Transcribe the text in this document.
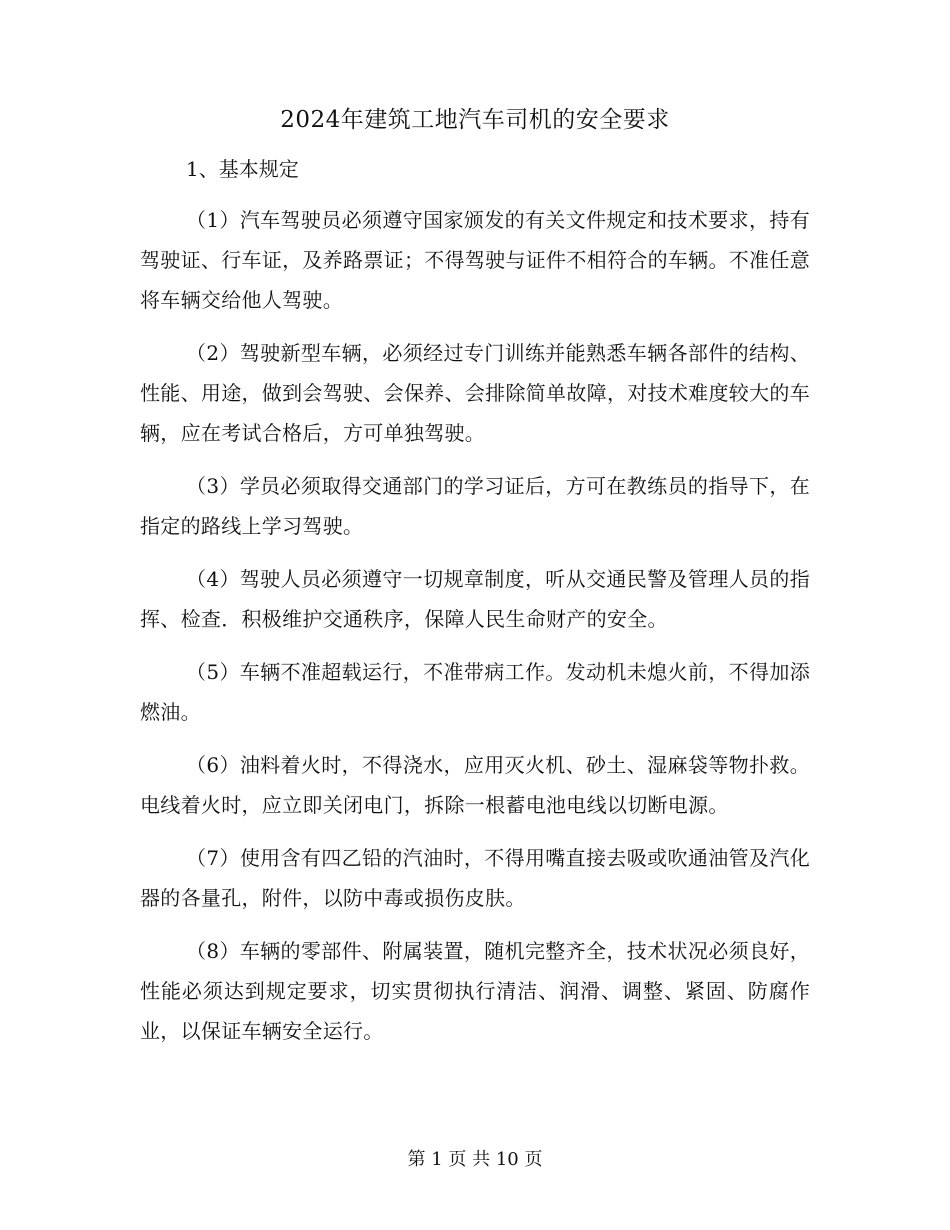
2024年建筑工地汽车司机的安全要求

1、基本规定

（1）汽车驾驶员必须遵守国家颁发的有关文件规定和技术要求，持有驾驶证、行车证，及养路票证；不得驾驶与证件不相符合的车辆。不准任意将车辆交给他人驾驶。

（2）驾驶新型车辆，必须经过专门训练并能熟悉车辆各部件的结构、性能、用途，做到会驾驶、会保养、会排除简单故障，对技术难度较大的车辆，应在考试合格后，方可单独驾驶。

（3）学员必须取得交通部门的学习证后，方可在教练员的指导下，在指定的路线上学习驾驶。

（4）驾驶人员必须遵守一切规章制度，听从交通民警及管理人员的指挥、检查．积极维护交通秩序，保障人民生命财产的安全。

（5）车辆不准超载运行，不准带病工作。发动机未熄火前，不得加添燃油。

（6）油料着火时，不得浇水，应用灭火机、砂土、湿麻袋等物扑救。电线着火时，应立即关闭电门，拆除一根蓄电池电线以切断电源。

（7）使用含有四乙铅的汽油时，不得用嘴直接去吸或吹通油管及汽化器的各量孔，附件，以防中毒或损伤皮肤。

（8）车辆的零部件、附属装置，随机完整齐全，技术状况必须良好，性能必须达到规定要求，切实贯彻执行清洁、润滑、调整、紧固、防腐作业，以保证车辆安全运行。

第 1 页 共 10 页
